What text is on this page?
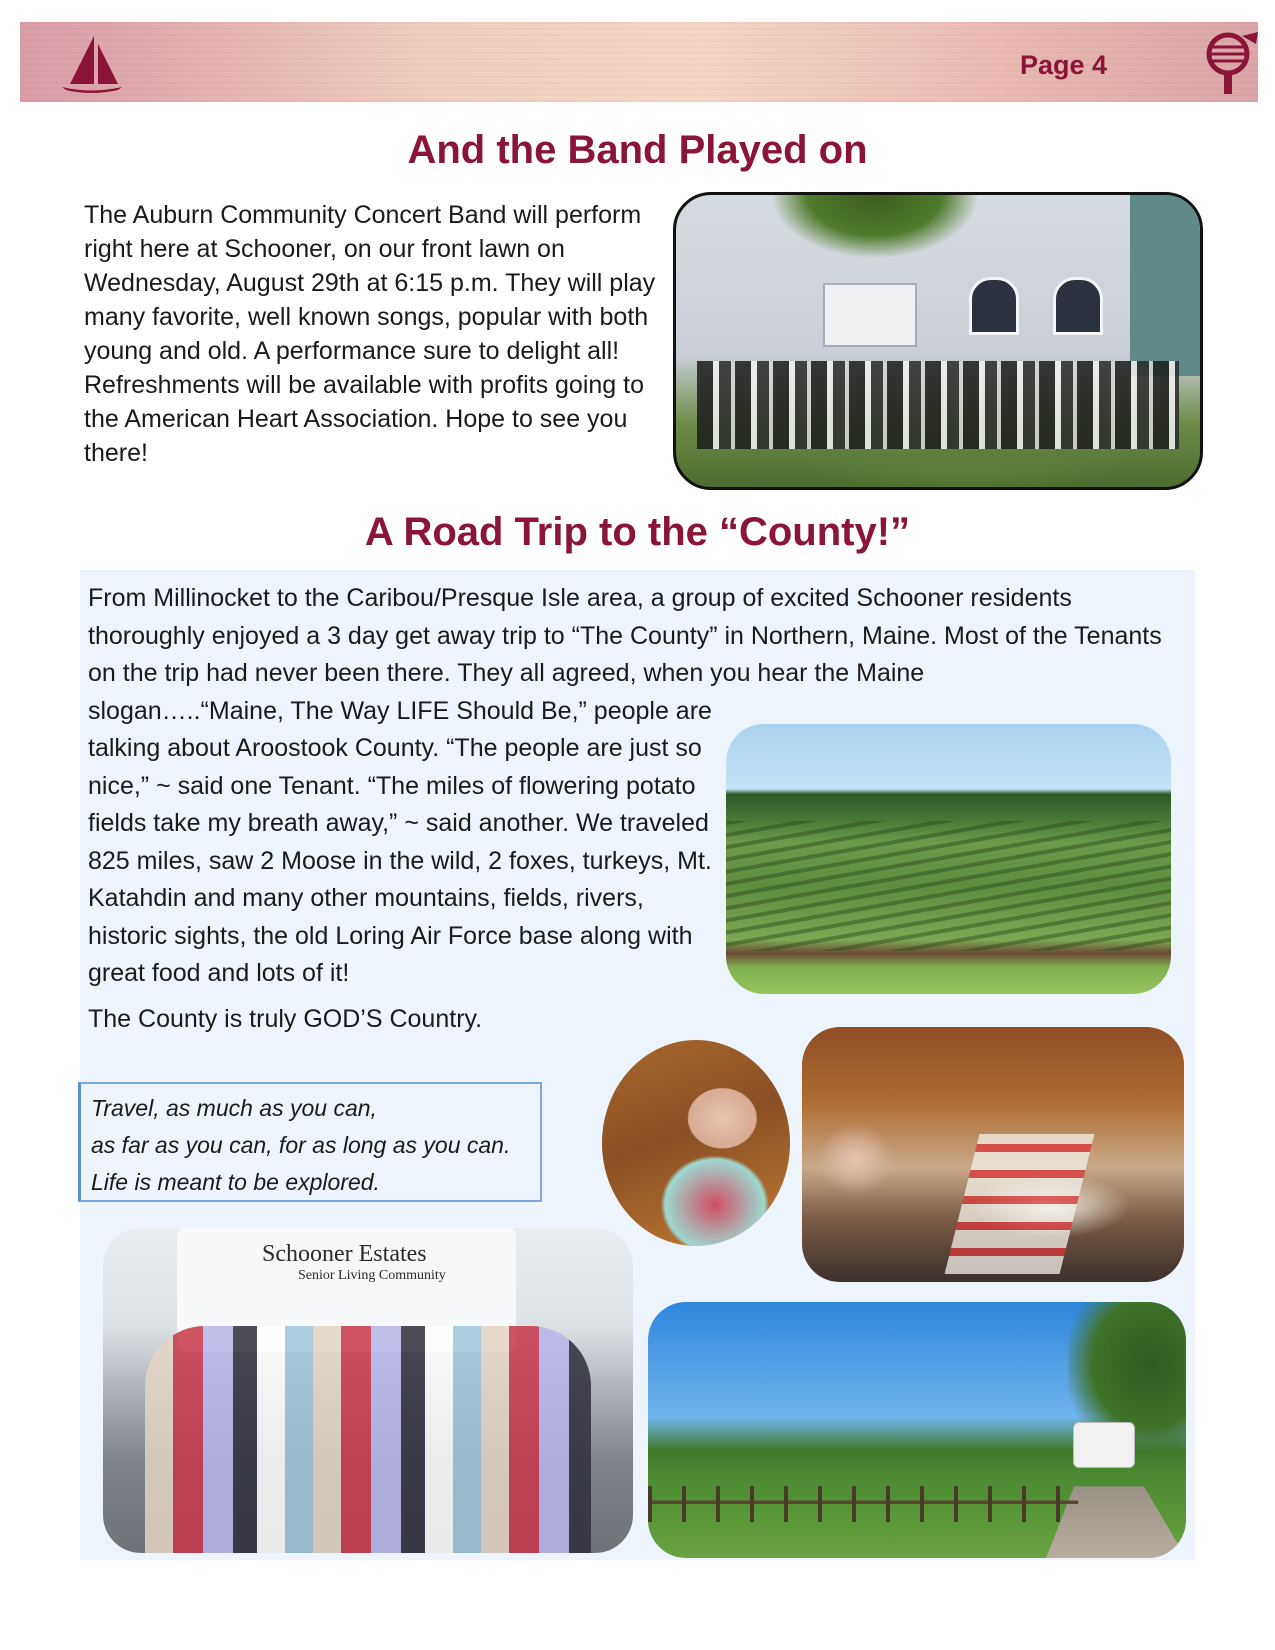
Page 4
And the Band Played on

The Auburn Community Concert Band will perform right here at Schooner, on our front lawn on Wednesday, August 29th at 6:15 p.m. They will play many favorite, well known songs, popular with both young and old. A performance sure to delight all! Refreshments will be available with profits going to the American Heart Association. Hope to see you there!

A Road Trip to the “County!”

From Millinocket to the Caribou/Presque Isle area, a group of excited Schooner residents thoroughly enjoyed a 3 day get away trip to “The County” in Northern, Maine. Most of the Tenants on the trip had never been there. They all agreed, when you hear the Maine

slogan…..“Maine, The Way LIFE Should Be,” people are talking about Aroostook County. “The people are just so nice,” ~ said one Tenant. “The miles of flowering potato fields take my breath away,” ~ said another. We traveled 825 miles, saw 2 Moose in the wild, 2 foxes, turkeys, Mt. Katahdin and many other mountains, fields, rivers, historic sights, the old Loring Air Force base along with great food and lots of it!

The County is truly GOD’S Country.

Travel, as much as you can,

as far as you can, for as long as you can.

Life is meant to be explored.

Schooner Estates
Senior Living Community
